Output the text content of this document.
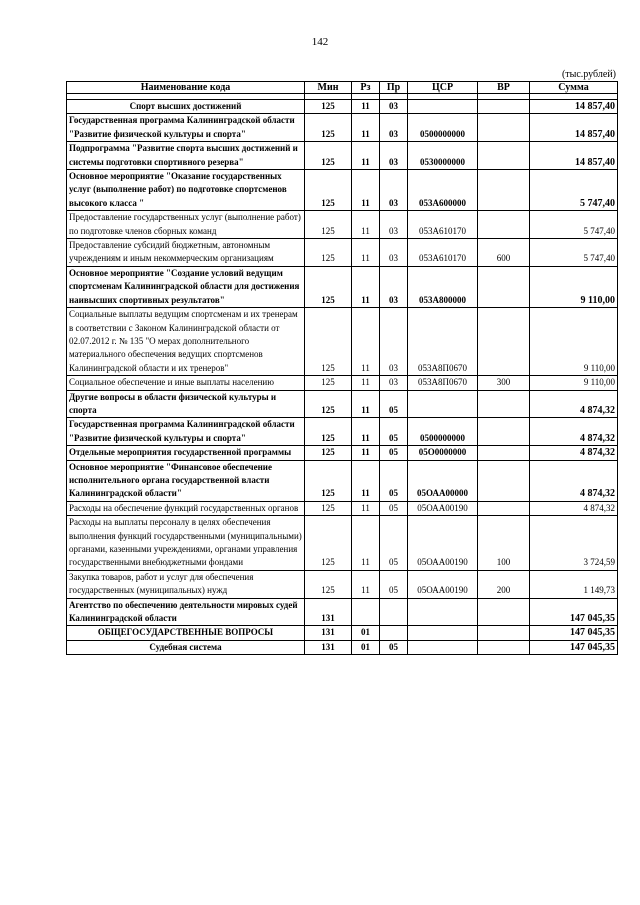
142
(тыс.рублей)
Наименование кода	Мин	Рз	Пр	ЦСР	ВР	Сумма

Спорт высших достижений	125	11	03			14 857,40
Государственная программа Калининградской области "Развитие физической культуры и спорта"	125	11	03	0500000000		14 857,40
Подпрограмма "Развитие спорта высших достижений и системы подготовки спортивного резерва"	125	11	03	0530000000		14 857,40
Основное мероприятие "Оказание государственных услуг (выполнение работ) по подготовке спортсменов высокого класса "	125	11	03	053А600000		5 747,40
Предоставление государственных услуг (выполнение работ) по подготовке членов сборных команд	125	11	03	053А610170		5 747,40
Предоставление субсидий бюджетным, автономным учреждениям и иным некоммерческим организациям	125	11	03	053А610170	600	5 747,40
Основное мероприятие "Создание условий ведущим спортсменам Калининградской области для достижения наивысших спортивных результатов"	125	11	03	053А800000		9 110,00
Социальные выплаты ведущим спортсменам и их тренерам в соответствии с Законом Калининградской области от 02.07.2012 г. № 135 "О мерах дополнительного материального обеспечения ведущих спортсменов Калининградской области и их тренеров"	125	11	03	053А8П0670		9 110,00
Социальное обеспечение и иные выплаты населению	125	11	03	053А8П0670	300	9 110,00
Другие вопросы в области физической культуры и спорта	125	11	05			4 874,32
Государственная программа Калининградской области "Развитие физической культуры и спорта"	125	11	05	0500000000		4 874,32
Отдельные мероприятия государственной программы	125	11	05	05О0000000		4 874,32
Основное мероприятие "Финансовое обеспечение исполнительного органа государственной власти Калининградской области"	125	11	05	05ОАА00000		4 874,32
Расходы на обеспечение функций государственных органов	125	11	05	05ОАА00190		4 874,32
Расходы на выплаты персоналу в целях обеспечения выполнения функций государственными (муниципальными) органами, казенными учреждениями, органами управления государственными внебюджетными фондами	125	11	05	05ОАА00190	100	3 724,59
Закупка товаров, работ и услуг для обеспечения государственных (муниципальных) нужд	125	11	05	05ОАА00190	200	1 149,73
Агентство по обеспечению деятельности мировых судей Калининградской области	131					147 045,35
ОБЩЕГОСУДАРСТВЕННЫЕ ВОПРОСЫ	131	01				147 045,35
Судебная система	131	01	05			147 045,35
